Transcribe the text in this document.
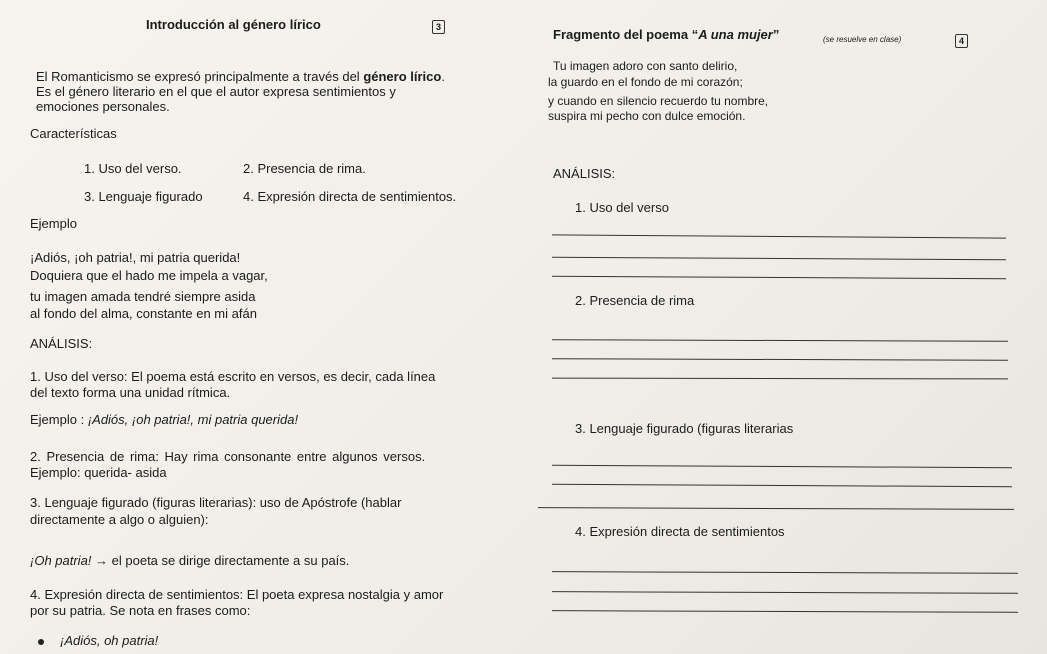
Introducción al género lírico	3
El Romanticismo se expresó principalmente a través del género lírico.
Es el género literario en el que el autor expresa sentimientos y
emociones personales.
Características
1. Uso del verso.	2. Presencia de rima.
3. Lenguaje figurado	4. Expresión directa de sentimientos.
Ejemplo
¡Adiós, ¡oh patria!, mi patria querida!
Doquiera que el hado me impela a vagar,
tu imagen amada tendré siempre asida
al fondo del alma, constante en mi afán
ANÁLISIS:
1. Uso del verso: El poema está escrito en versos, es decir, cada línea
del texto forma una unidad rítmica.
Ejemplo : ¡Adiós, ¡oh patria!, mi patria querida!
2. Presencia de rima: Hay rima consonante entre algunos versos.
Ejemplo: querida- asida
3. Lenguaje figurado (figuras literarias): uso de Apóstrofe (hablar
directamente a algo o alguien):
¡Oh patria! → el poeta se dirige directamente a su país.
4. Expresión directa de sentimientos: El poeta expresa nostalgia y amor
por su patria. Se nota en frases como:
¡Adiós, oh patria!
Fragmento del poema “A una mujer”	(se resuelve en clase)	4
Tu imagen adoro con santo delirio,
la guardo en el fondo de mi corazón;
y cuando en silencio recuerdo tu nombre,
suspira mi pecho con dulce emoción.
ANÁLISIS:
1. Uso del verso
2. Presencia de rima
3. Lenguaje figurado (figuras literarias
4. Expresión directa de sentimientos
